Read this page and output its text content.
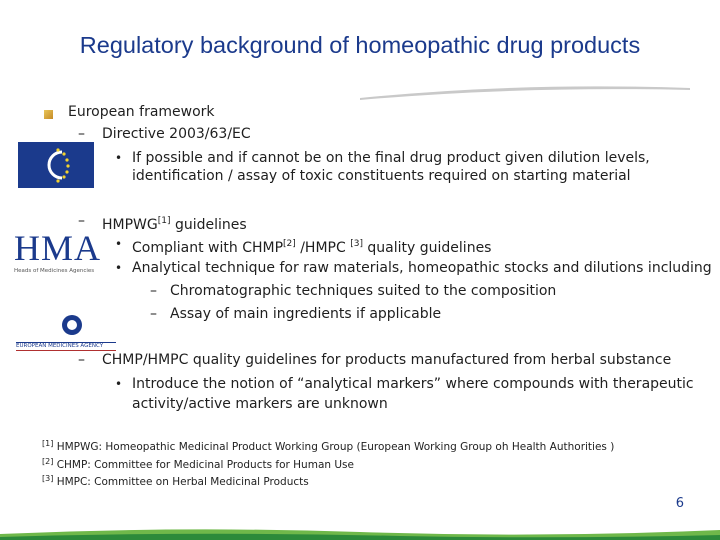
Regulatory background of homeopathic drug products
European framework
– Directive 2003/63/EC
• If possible and if cannot be on the final drug product given dilution levels,
identification / assay of toxic constituents required on starting material
– HMPWG[1] guidelines
HMA
Heads of Medicines Agencies
• Compliant with CHMP[2] /HMPC [3] quality guidelines
• Analytical technique for raw materials, homeopathic stocks and dilutions including
– Chromatographic techniques suited to the composition
– Assay of main ingredients if applicable
EUROPEAN MEDICINES AGENCY
– CHMP/HMPC quality guidelines for products manufactured from herbal substance
• Introduce the notion of “analytical markers” where compounds with therapeutic
activity/active markers are unknown
[1] HMPWG: Homeopathic Medicinal Product Working Group (European Working Group oh Health Authorities )
[2] CHMP: Committee for Medicinal Products for Human Use
[3] HMPC: Committee on Herbal Medicinal Products
6
